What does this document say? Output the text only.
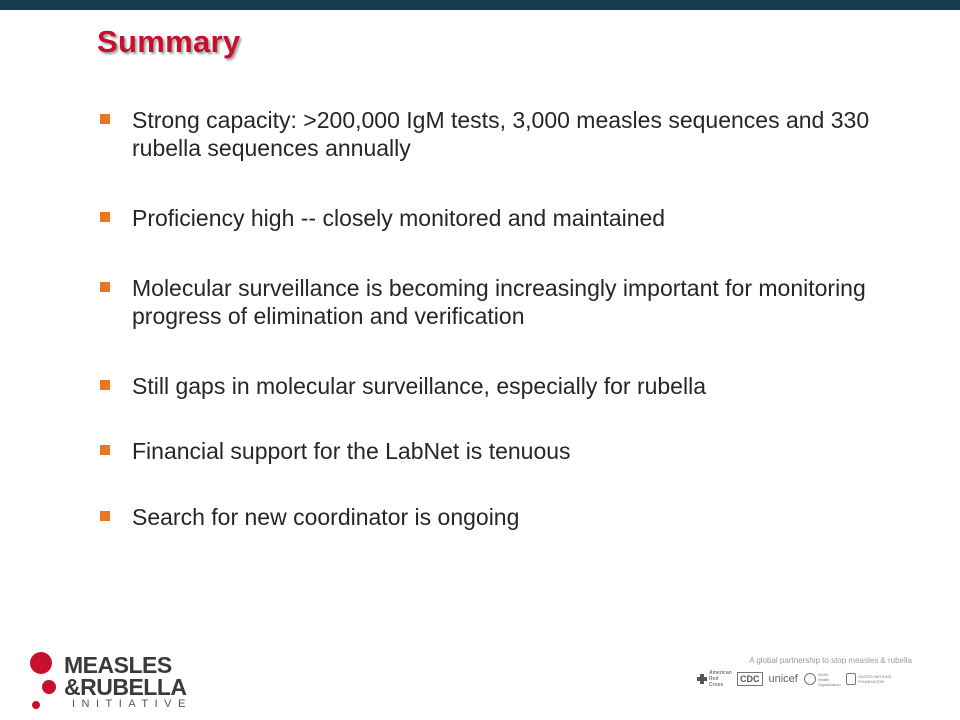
Summary
Strong capacity: >200,000 IgM tests, 3,000 measles sequences and 330 rubella sequences annually
Proficiency high -- closely monitored and maintained
Molecular surveillance is becoming increasingly important for monitoring progress of elimination and verification
Still gaps in molecular surveillance, especially for rubella
Financial support for the LabNet is tenuous
Search for new coordinator is ongoing
MEASLES
&RUBELLA
INITIATIVE
A global partnership to stop measles & rubella
American Red Cross
CDC unicef	World Health Organization
UNITED NATIONS FOUNDATION
